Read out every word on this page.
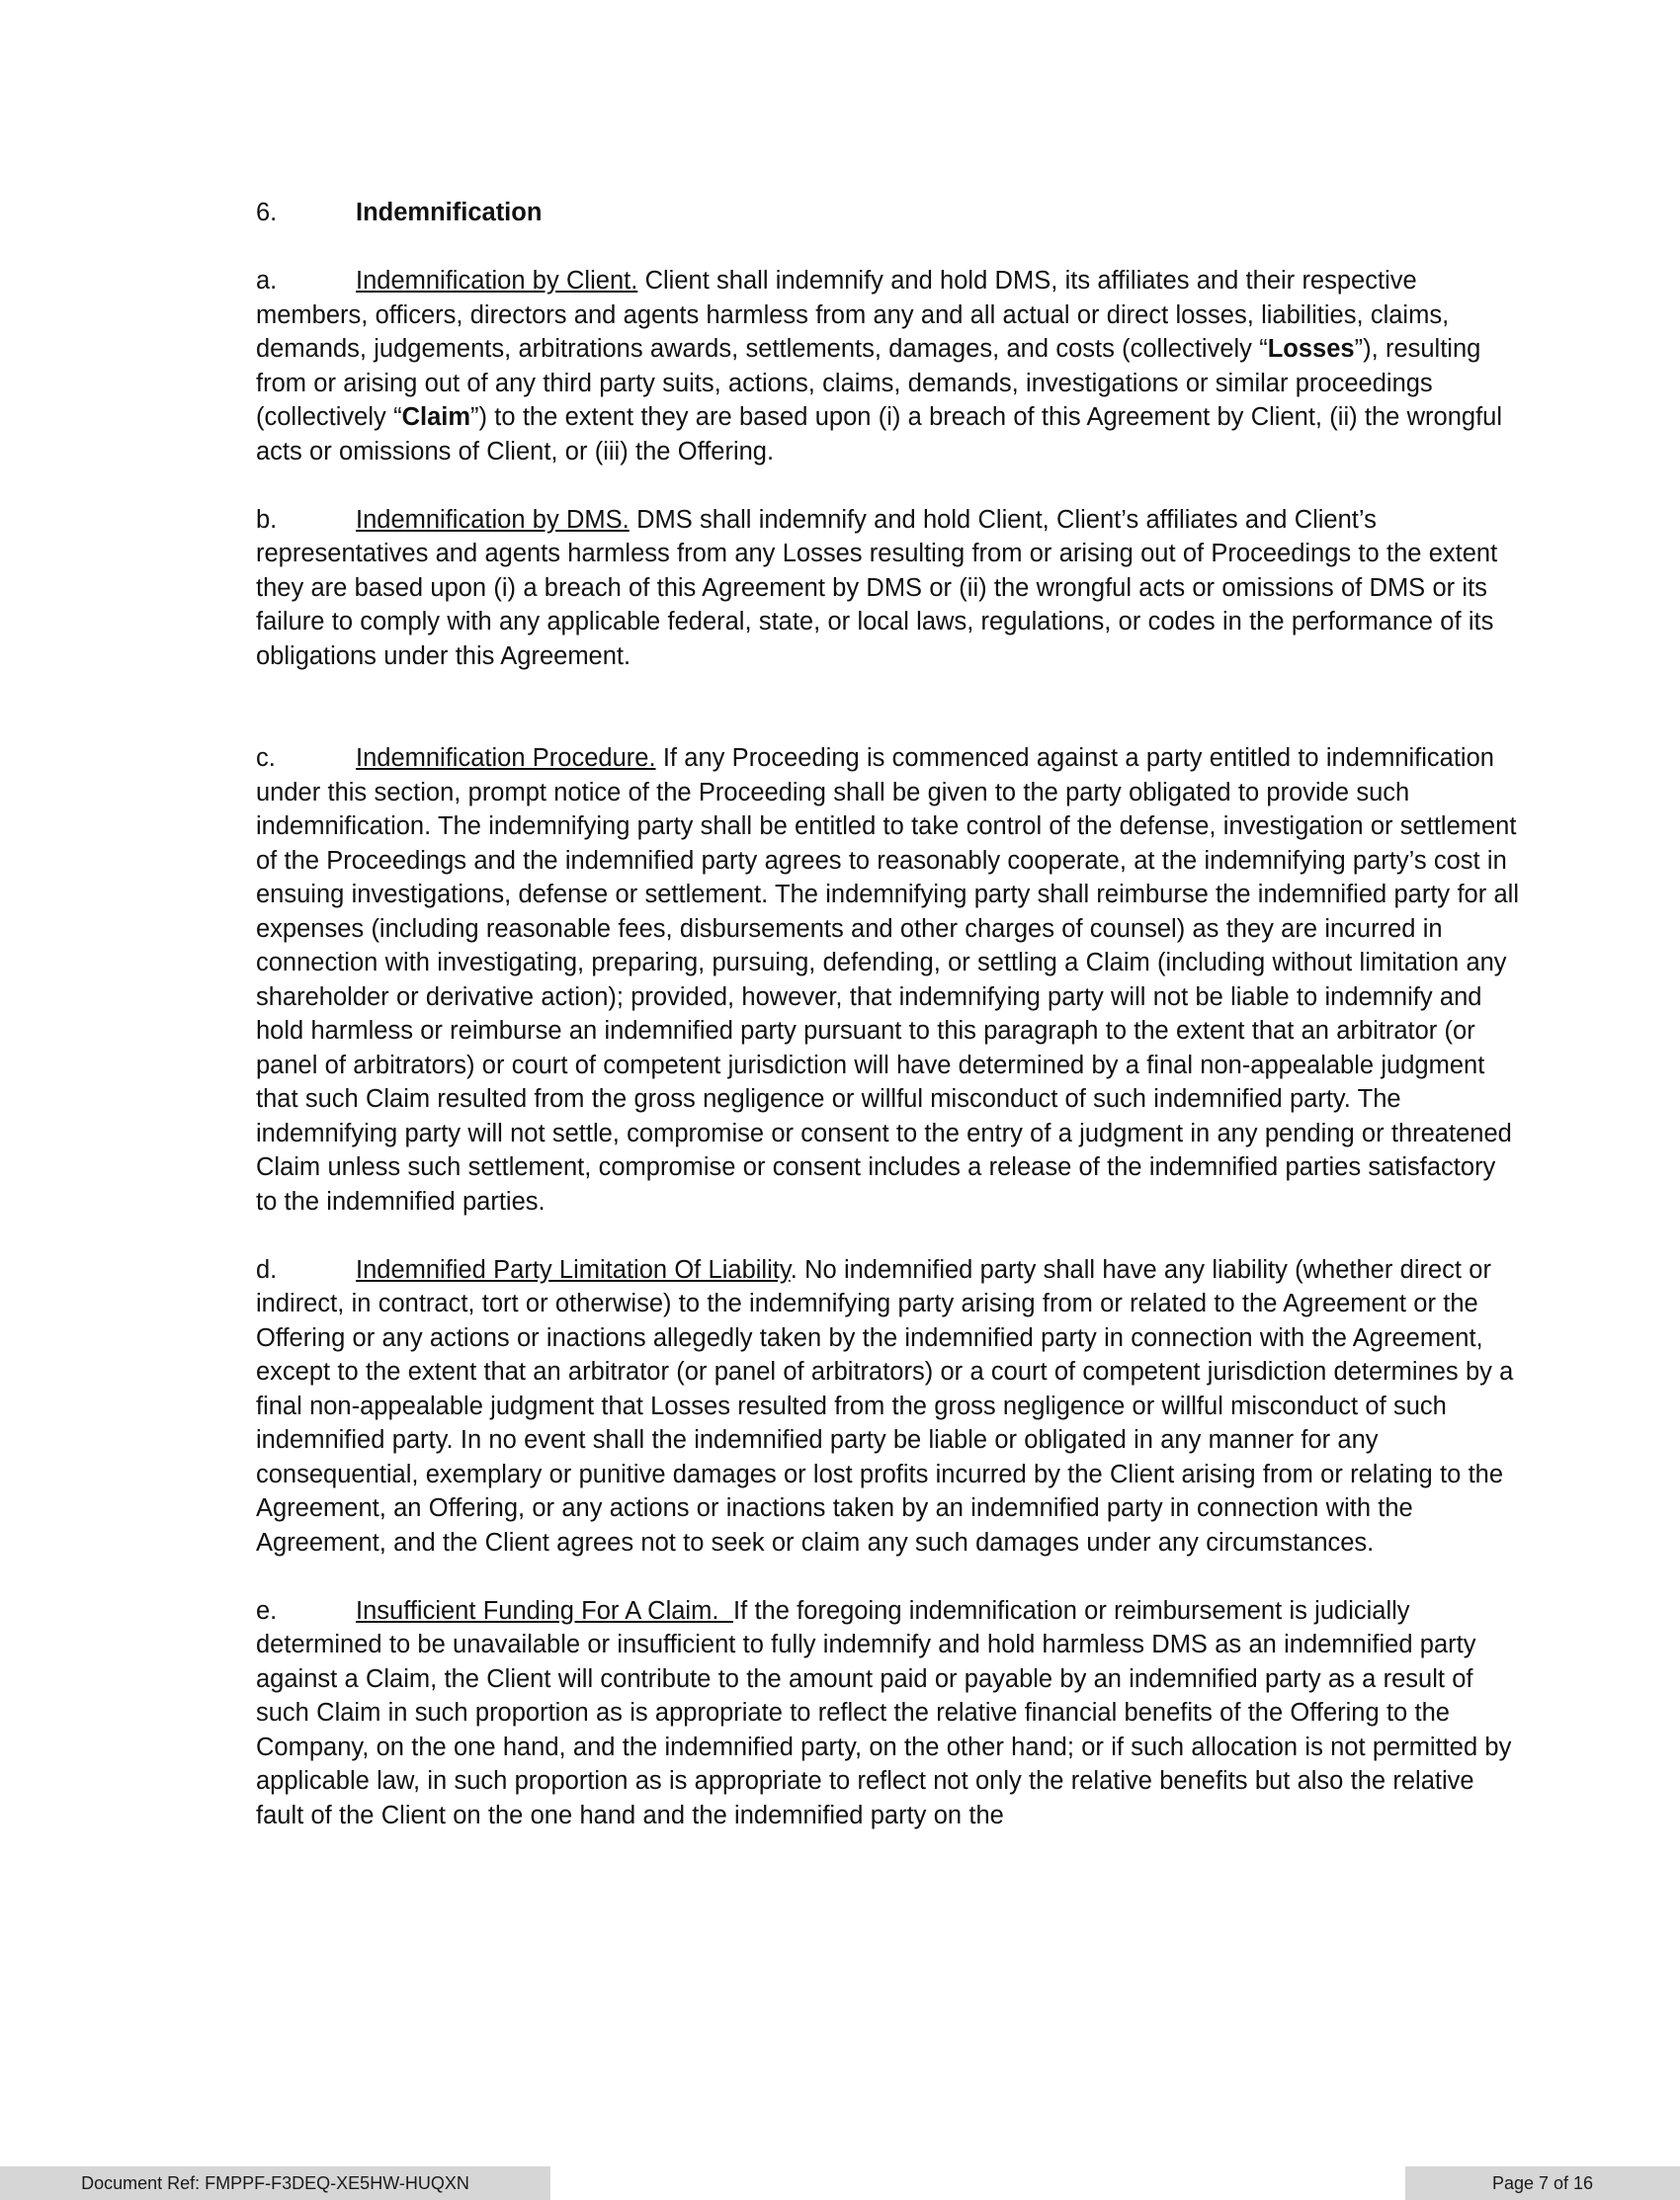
6.	Indemnification

a.	Indemnification by Client. Client shall indemnify and hold DMS, its affiliates and their respective members, officers, directors and agents harmless from any and all actual or direct losses, liabilities, claims, demands, judgements, arbitrations awards, settlements, damages, and costs (collectively “Losses”), resulting from or arising out of any third party suits, actions, claims, demands, investigations or similar proceedings (collectively “Claim”) to the extent they are based upon (i) a breach of this Agreement by Client, (ii) the wrongful acts or omissions of Client, or (iii) the Offering.

b.	Indemnification by DMS. DMS shall indemnify and hold Client, Client’s affiliates and Client’s representatives and agents harmless from any Losses resulting from or arising out of Proceedings to the extent they are based upon (i) a breach of this Agreement by DMS or (ii) the wrongful acts or omissions of DMS or its failure to comply with any applicable federal, state, or local laws, regulations, or codes in the performance of its obligations under this Agreement.

c.	Indemnification Procedure. If any Proceeding is commenced against a party entitled to indemnification under this section, prompt notice of the Proceeding shall be given to the party obligated to provide such indemnification. The indemnifying party shall be entitled to take control of the defense, investigation or settlement of the Proceedings and the indemnified party agrees to reasonably cooperate, at the indemnifying party’s cost in ensuing investigations, defense or settlement. The indemnifying party shall reimburse the indemnified party for all expenses (including reasonable fees, disbursements and other charges of counsel) as they are incurred in connection with investigating, preparing, pursuing, defending, or settling a Claim (including without limitation any shareholder or derivative action); provided, however, that indemnifying party will not be liable to indemnify and hold harmless or reimburse an indemnified party pursuant to this paragraph to the extent that an arbitrator (or panel of arbitrators) or court of competent jurisdiction will have determined by a final non-appealable judgment that such Claim resulted from the gross negligence or willful misconduct of such indemnified party. The indemnifying party will not settle, compromise or consent to the entry of a judgment in any pending or threatened Claim unless such settlement, compromise or consent includes a release of the indemnified parties satisfactory to the indemnified parties.

d.	Indemnified Party Limitation Of Liability. No indemnified party shall have any liability (whether direct or indirect, in contract, tort or otherwise) to the indemnifying party arising from or related to the Agreement or the Offering or any actions or inactions allegedly taken by the indemnified party in connection with the Agreement, except to the extent that an arbitrator (or panel of arbitrators) or a court of competent jurisdiction determines by a final non-appealable judgment that Losses resulted from the gross negligence or willful misconduct of such indemnified party. In no event shall the indemnified party be liable or obligated in any manner for any consequential, exemplary or punitive damages or lost profits incurred by the Client arising from or relating to the Agreement, an Offering, or any actions or inactions taken by an indemnified party in connection with the Agreement, and the Client agrees not to seek or claim any such damages under any circumstances.

e.	Insufficient Funding For A Claim.  If the foregoing indemnification or reimbursement is judicially determined to be unavailable or insufficient to fully indemnify and hold harmless DMS as an indemnified party against a Claim, the Client will contribute to the amount paid or payable by an indemnified party as a result of such Claim in such proportion as is appropriate to reflect the relative financial benefits of the Offering to the Company, on the one hand, and the indemnified party, on the other hand; or if such allocation is not permitted by applicable law, in such proportion as is appropriate to reflect not only the relative benefits but also the relative fault of the Client on the one hand and the indemnified party on the

Document Ref: FMPPF-F3DEQ-XE5HW-HUQXN	Page 7 of 16
